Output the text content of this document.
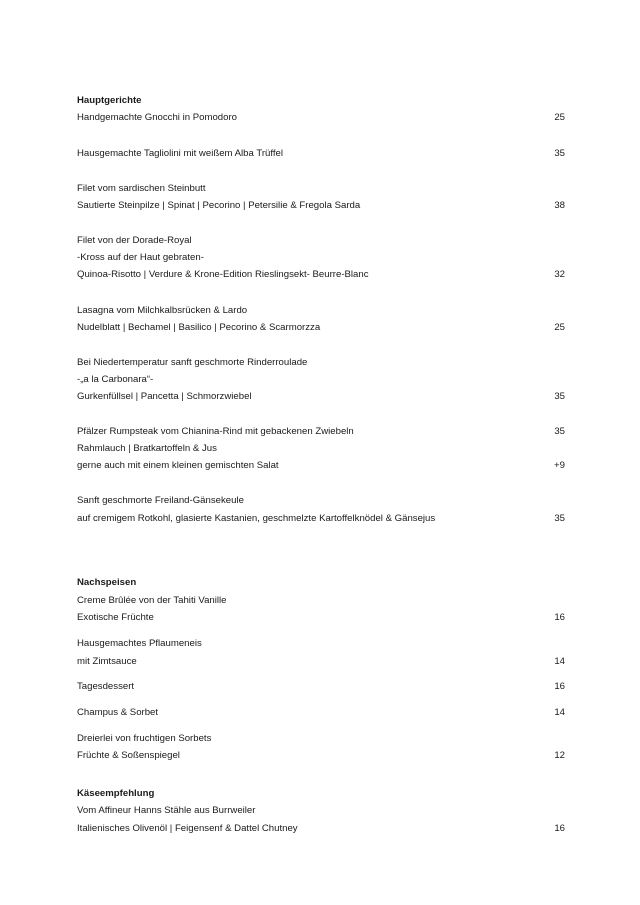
Hauptgerichte
Handgemachte Gnocchi in Pomodoro	25
Hausgemachte Tagliolini mit weißem Alba Trüffel	35
Filet vom sardischen Steinbutt
Sautierte Steinpilze | Spinat | Pecorino | Petersilie & Fregola Sarda	38
Filet von der Dorade-Royal
-Kross auf der Haut gebraten-
Quinoa-Risotto | Verdure & Krone-Edition Rieslingsekt- Beurre-Blanc	32
Lasagna vom Milchkalbsrücken & Lardo
Nudelblatt | Bechamel | Basilico | Pecorino & Scarmorzza	25
Bei Niedertemperatur sanft geschmorte Rinderroulade
-„a la Carbonara“-
Gurkenfüllsel | Pancetta | Schmorzwiebel	35
Pfälzer Rumpsteak vom Chianina-Rind mit gebackenen Zwiebeln	35
Rahmlauch | Bratkartoffeln & Jus
gerne auch mit einem kleinen gemischten Salat	+9
Sanft geschmorte Freiland-Gänsekeule
auf cremigem Rotkohl, glasierte Kastanien, geschmelzte Kartoffelknödel & Gänsejus	35
Nachspeisen
Creme Brûlée von der Tahiti Vanille
Exotische Früchte	16
Hausgemachtes Pflaumeneis
mit Zimtsauce	14
Tagesdessert	16
Champus & Sorbet	14
Dreierlei von fruchtigen Sorbets
Früchte & Soßenspiegel	12
Käseempfehlung
Vom Affineur Hanns Stähle aus Burrweiler
Italienisches Olivenöl | Feigensenf & Dattel Chutney	16
